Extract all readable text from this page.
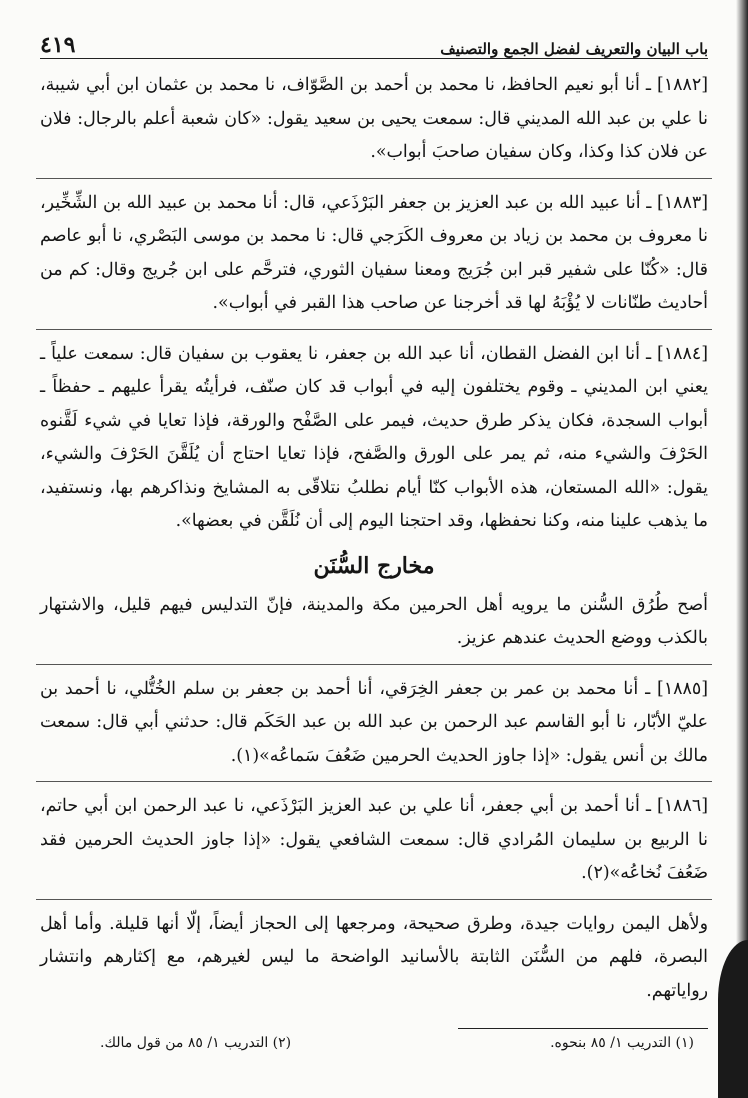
باب البيان والتعريف لفضل الجمع والتصنيف
٤١٩

[١٨٨٢] ـ أنا أبو نعيم الحافظ، نا محمد بن أحمد بن الصَّوّاف، نا محمد بن عثمان ابن أبي شيبة، نا علي بن عبد الله المديني قال: سمعت يحيى بن سعيد يقول: «كان شعبة أعلم بالرجال: فلان عن فلان كذا وكذا، وكان سفيان صاحبَ أبواب».

[١٨٨٣] ـ أنا عبيد الله بن عبد العزيز بن جعفر البَرْذَعي، قال: أنا محمد بن عبيد الله بن الشِّخِّير، نا معروف بن محمد بن زياد بن معروف الكَرَجي قال: نا محمد بن موسى البَصْري، نا أبو عاصم قال: «كُنّا على شفير قبر ابن جُرَيج ومعنا سفيان الثوري، فترحَّم على ابن جُريج وقال: كم من أحاديث طنّانات لا يُؤْبَهُ لها قد أخرجنا عن صاحب هذا القبر في أبواب».

[١٨٨٤] ـ أنا ابن الفضل القطان، أنا عبد الله بن جعفر، نا يعقوب بن سفيان قال: سمعت علياً ـ يعني ابن المديني ـ وقوم يختلفون إليه في أبواب قد كان صنّف، فرأيتُه يقرأ عليهم ـ حفظاً ـ أبواب السجدة، فكان يذكر طرق حديث، فيمر على الصَّفْح والورقة، فإذا تعايا في شيء لَقَّنوه الحَرْفَ والشيء منه، ثم يمر على الورق والصَّفح، فإذا تعايا احتاج أن يُلَقَّنَ الحَرْفَ والشيء، يقول: «الله المستعان، هذه الأبواب كنّا أيام نطلبُ نتلاقّى به المشايخ ونذاكرهم بها، ونستفيد، ما يذهب علينا منه، وكنا نحفظها، وقد احتجنا اليوم إلى أن نُلَقَّن في بعضها».

مخارج السُّنَن

أصح طُرُق السُّنن ما يرويه أهل الحرمين مكة والمدينة، فإنّ التدليس فيهم قليل، والاشتهار بالكذب ووضع الحديث عندهم عزيز.

[١٨٨٥] ـ أنا محمد بن عمر بن جعفر الخِرَقي، أنا أحمد بن جعفر بن سلم الخُتُّلي، نا أحمد بن عليّ الأبّار، نا أبو القاسم عبد الرحمن بن عبد الله بن عبد الحَكَم قال: حدثني أبي قال: سمعت مالك بن أنس يقول: «إذا جاوز الحديث الحرمين ضَعُفَ سَماعُه»(١).

[١٨٨٦] ـ أنا أحمد بن أبي جعفر، أنا علي بن عبد العزيز البَرْذَعي، نا عبد الرحمن ابن أبي حاتم، نا الربيع بن سليمان المُرادي قال: سمعت الشافعي يقول: «إذا جاوز الحديث الحرمين فقد ضَعُفَ نُخاعُه»(٢).

ولأهل اليمن روايات جيدة، وطرق صحيحة، ومرجعها إلى الحجاز أيضاً، إلّا أنها قليلة. وأما أهل البصرة، فلهم من السُّنَن الثابتة بالأسانيد الواضحة ما ليس لغيرهم، مع إكثارهم وانتشار رواياتهم.

(١) التدريب ١/ ٨٥ بنحوه.
(٢) التدريب ١/ ٨٥ من قول مالك.
